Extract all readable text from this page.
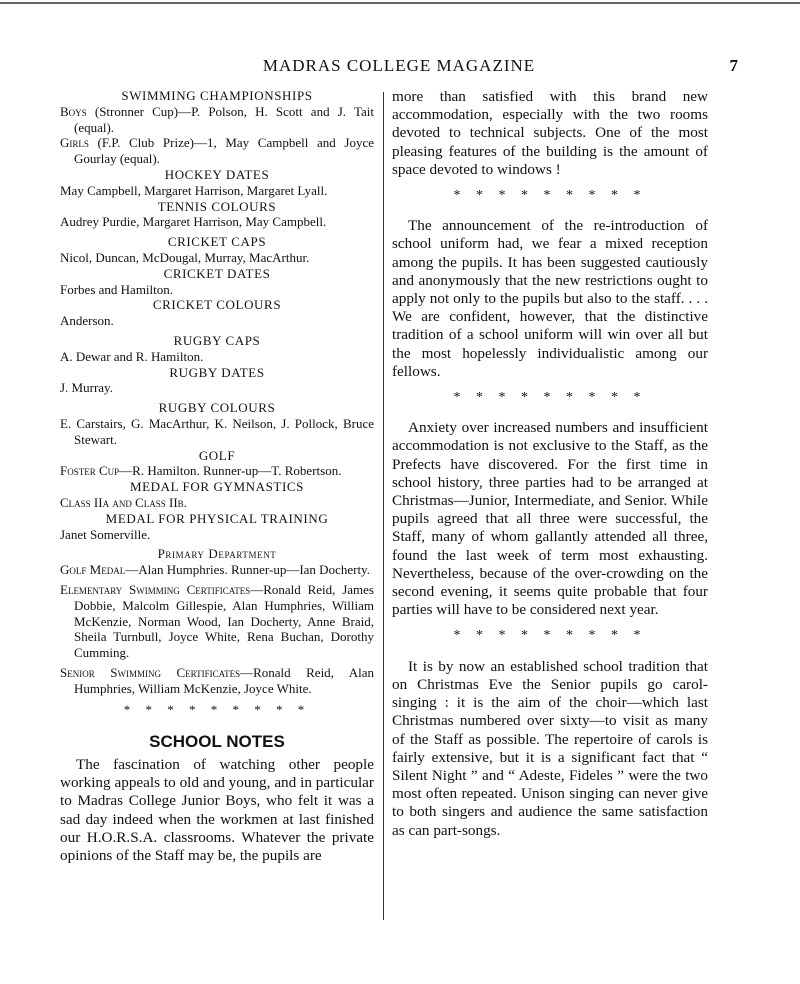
MADRAS COLLEGE MAGAZINE	7
SWIMMING CHAMPIONSHIPS

Boys (Stronner Cup)—P. Polson, H. Scott and J. Tait (equal).

Girls (F.P. Club Prize)—1, May Campbell and Joyce Gourlay (equal).

HOCKEY DATES

May Campbell, Margaret Harrison, Margaret Lyall.

TENNIS COLOURS

Audrey Purdie, Margaret Harrison, May Campbell.

CRICKET CAPS

Nicol, Duncan, McDougal, Murray, MacArthur.

CRICKET DATES

Forbes and Hamilton.

CRICKET COLOURS

Anderson.

RUGBY CAPS

A. Dewar and R. Hamilton.

RUGBY DATES

J. Murray.

RUGBY COLOURS

E. Carstairs, G. MacArthur, K. Neilson, J. Pollock, Bruce Stewart.

GOLF

Foster Cup—R. Hamilton. Runner-up—T. Robertson.

MEDAL FOR GYMNASTICS

Class IIa and Class IIb.

MEDAL FOR PHYSICAL TRAINING

Janet Somerville.

Primary Department

Golf Medal—Alan Humphries. Runner-up—Ian Docherty.

Elementary Swimming Certificates—Ronald Reid, James Dobbie, Malcolm Gillespie, Alan Humphries, William McKenzie, Norman Wood, Ian Docherty, Anne Braid, Sheila Turnbull, Joyce White, Rena Buchan, Dorothy Cumming.

Senior Swimming Certificates—Ronald Reid, Alan Humphries, William McKenzie, Joyce White.

* * * * * * * * *
SCHOOL NOTES

The fascination of watching other people working appeals to old and young, and in particular to Madras College Junior Boys, who felt it was a sad day indeed when the workmen at last finished our H.O.R.S.A. classrooms. Whatever the private opinions of the Staff may be, the pupils are

more than satisfied with this brand new accommodation, especially with the two rooms devoted to technical subjects. One of the most pleasing features of the building is the amount of space devoted to windows !

* * * * * * * * *

The announcement of the re-introduction of school uniform had, we fear a mixed reception among the pupils. It has been suggested cautiously and anonymously that the new restrictions ought to apply not only to the pupils but also to the staff. . . . We are confident, however, that the distinctive tradition of a school uniform will win over all but the most hopelessly individualistic among our fellows.

* * * * * * * * *

Anxiety over increased numbers and insufficient accommodation is not exclusive to the Staff, as the Prefects have discovered. For the first time in school history, three parties had to be arranged at Christmas—Junior, Intermediate, and Senior. While pupils agreed that all three were successful, the Staff, many of whom gallantly attended all three, found the last week of term most exhausting. Nevertheless, because of the over-crowding on the second evening, it seems quite probable that four parties will have to be considered next year.

* * * * * * * * *

It is by now an established school tradition that on Christmas Eve the Senior pupils go carol-singing : it is the aim of the choir—which last Christmas numbered over sixty—to visit as many of the Staff as possible. The repertoire of carols is fairly extensive, but it is a significant fact that “ Silent Night ” and “ Adeste, Fideles ” were the two most often repeated. Unison singing can never give to both singers and audience the same satisfaction as can part-songs.
